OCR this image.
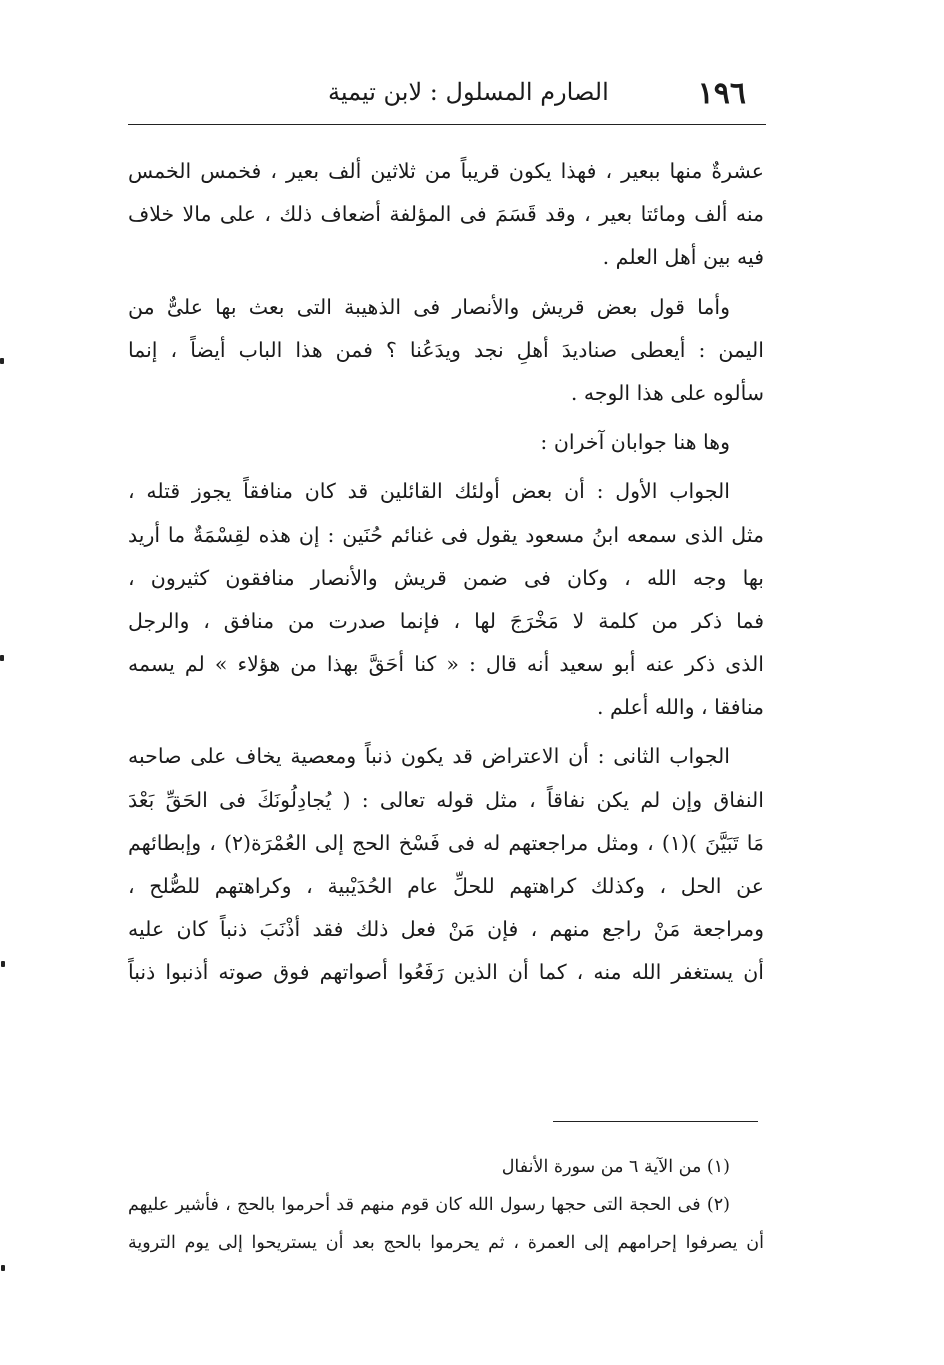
الصارم المسلول : لابن تيمية	١٩٦
عشرةٌ منها ببعير ، فهذا يكون قريباً من ثلاثين ألف بعير ، فخمس الخمس
منه ألف ومائتا بعير ، وقد قَسَمَ فى المؤلفة أضعاف ذلك ، على مالا خلاف
فيه بين أهل العلم .
وأما قول بعض قريش والأنصار فى الذهيبة التى بعث بها علىٌّ من
اليمن : أيعطى صناديدَ أهلِ نجد ويدَعُنا ؟ فمن هذا الباب أيضاً ، إنما
سألوه على هذا الوجه .
وها هنا جوابان آخران :
الجواب الأول : أن بعض أولئك القائلين قد كان منافقاً يجوز قتله ،
مثل الذى سمعه ابنُ مسعود يقول فى غنائم حُنَين : إن هذه لقِسْمَةٌ ما أريد
بها وجه الله ، وكان فى ضمن قريش والأنصار منافقون كثيرون ،
فما ذكر من كلمة لا مَخْرَجَ لها ، فإنما صدرت من منافق ، والرجل
الذى ذكر عنه أبو سعيد أنه قال : « كنا أحَقَّ بهذا من هؤلاء » لم يسمه
منافقا ، والله أعلم .
الجواب الثانى : أن الاعتراض قد يكون ذنباً ومعصية يخاف على صاحبه
النفاق وإن لم يكن نفاقاً ، مثل قوله تعالى : ( يُجادِلُونَكَ فى الحَقِّ بَعْدَ
مَا تَبَيَّنَ )(١) ، ومثل مراجعتهم له فى فَسْخ الحج إلى العُمْرَة(٢) ، وإبطائهم
عن الحل ، وكذلك كراهتهم للحلِّ عام الحُدَيْبية ، وكراهتهم للصُّلح ،
ومراجعة مَنْ راجع منهم ، فإن مَنْ فعل ذلك فقد أذْنَبَ ذنباً كان عليه
أن يستغفر الله منه ، كما أن الذين رَفَعُوا أصواتهم فوق صوته أذنبوا ذنباً
(١) من الآية ٦ من سورة الأنفال
(٢) فى الحجة التى حجها رسول الله كان قوم منهم قد أحرموا بالحج ، فأشير عليهم
أن يصرفوا إحرامهم إلى العمرة ، ثم يحرموا بالحج بعد أن يستريحوا إلى يوم التروية
